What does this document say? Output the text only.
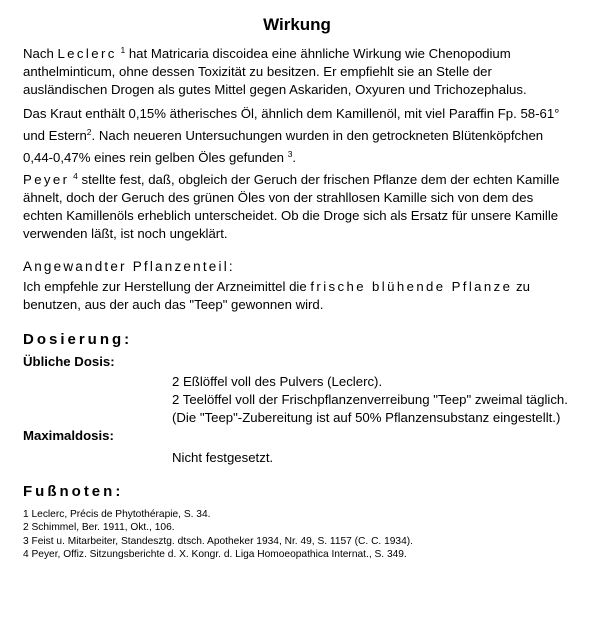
Wirkung

Nach Leclerc $^1$ hat Matricaria discoidea eine ähnliche Wirkung wie Chenopodium anthelminticum, ohne dessen Toxizität zu besitzen. Er empfiehlt sie an Stelle der ausländischen Drogen als gutes Mittel gegen Askariden, Oxyuren und Trichozephalus.

Das Kraut enthält 0,15% ätherisches Öl, ähnlich dem Kamillenöl, mit viel Paraffin Fp. 58-61° und Estern$^2$. Nach neueren Untersuchungen wurden in den getrockneten Blütenköpfchen 0,44-0,47% eines rein gelben Öles gefunden $^3$.

Peyer $^4$ stellte fest, daß, obgleich der Geruch der frischen Pflanze dem der echten Kamille ähnelt, doch der Geruch des grünen Öles von der strahllosen Kamille sich von dem des echten Kamillenöls erheblich unterscheidet. Ob die Droge sich als Ersatz für unsere Kamille verwenden läßt, ist noch ungeklärt.

Angewandter Pflanzenteil:

Ich empfehle zur Herstellung der Arzneimittel die frische blühende Pflanze zu benutzen, aus der auch das "Teep" gewonnen wird.

Dosierung:
Übliche Dosis:
2 Eßlöffel voll des Pulvers (Leclerc).
2 Teelöffel voll der Frischpflanzenverreibung "Teep" zweimal täglich.
(Die "Teep"-Zubereitung ist auf 50% Pflanzensubstanz eingestellt.)
Maximaldosis:
Nicht festgesetzt.
Fußnoten:
1 Leclerc, Précis de Phytothérapie, S. 34.
2 Schimmel, Ber. 1911, Okt., 106.
3 Feist u. Mitarbeiter, Standesztg. dtsch. Apotheker 1934, Nr. 49, S. 1157 (C. C. 1934).
4 Peyer, Offiz. Sitzungsberichte d. X. Kongr. d. Liga Homoeopathica Internat., S. 349.
